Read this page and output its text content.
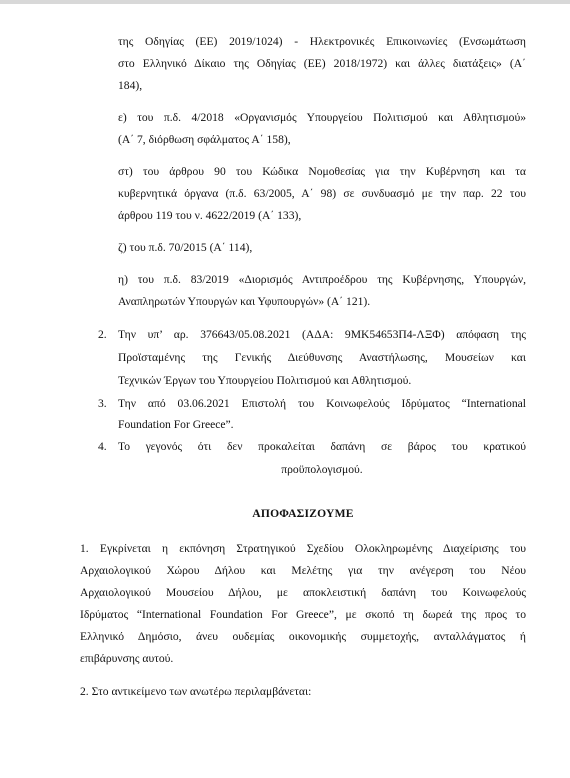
της Οδηγίας (ΕΕ) 2019/1024) - Ηλεκτρονικές Επικοινωνίες (Ενσωμάτωση
στο Ελληνικό Δίκαιο της Οδηγίας (ΕΕ) 2018/1972) και άλλες διατάξεις» (Α΄
184),
ε) του π.δ. 4/2018 «Οργανισμός Υπουργείου Πολιτισμού και Αθλητισμού»
(Α΄ 7, διόρθωση σφάλματος Α΄ 158),
στ) του άρθρου 90 του Κώδικα Νομοθεσίας για την Κυβέρνηση και τα
κυβερνητικά όργανα (π.δ. 63/2005, Α΄ 98) σε συνδυασμό με την παρ. 22 του
άρθρου 119 του ν. 4622/2019 (Α΄ 133),
ζ) του π.δ. 70/2015 (Α΄ 114),
η) του π.δ. 83/2019 «Διορισμός Αντιπροέδρου της Κυβέρνησης, Υπουργών,
Αναπληρωτών Υπουργών και Υφυπουργών» (Α΄ 121).
2. Την υπ’ αρ. 376643/05.08.2021 (ΑΔΑ: 9ΜΚ54653Π4-ΛΞΦ) απόφαση της
Προϊσταμένης της Γενικής Διεύθυνσης Αναστήλωσης, Μουσείων και
Τεχνικών Έργων του Υπουργείου Πολιτισμού και Αθλητισμού.
3. Την από 03.06.2021 Επιστολή του Κοινωφελούς Ιδρύματος “International
Foundation For Greece”.
4. Το γεγονός ότι δεν προκαλείται δαπάνη σε βάρος του κρατικού
προϋπολογισμού.
ΑΠΟΦΑΣΙΖΟΥΜΕ
1. Εγκρίνεται η εκπόνηση Στρατηγικού Σχεδίου Ολοκληρωμένης Διαχείρισης του
Αρχαιολογικού Χώρου Δήλου και Μελέτης για την ανέγερση του Νέου
Αρχαιολογικού Μουσείου Δήλου, με αποκλειστική δαπάνη του Κοινωφελούς
Ιδρύματος “International Foundation For Greece”, με σκοπό τη δωρεά της προς το
Ελληνικό Δημόσιο, άνευ ουδεμίας οικονομικής συμμετοχής, ανταλλάγματος ή
επιβάρυνσης αυτού.
2. Στο αντικείμενο των ανωτέρω περιλαμβάνεται:
